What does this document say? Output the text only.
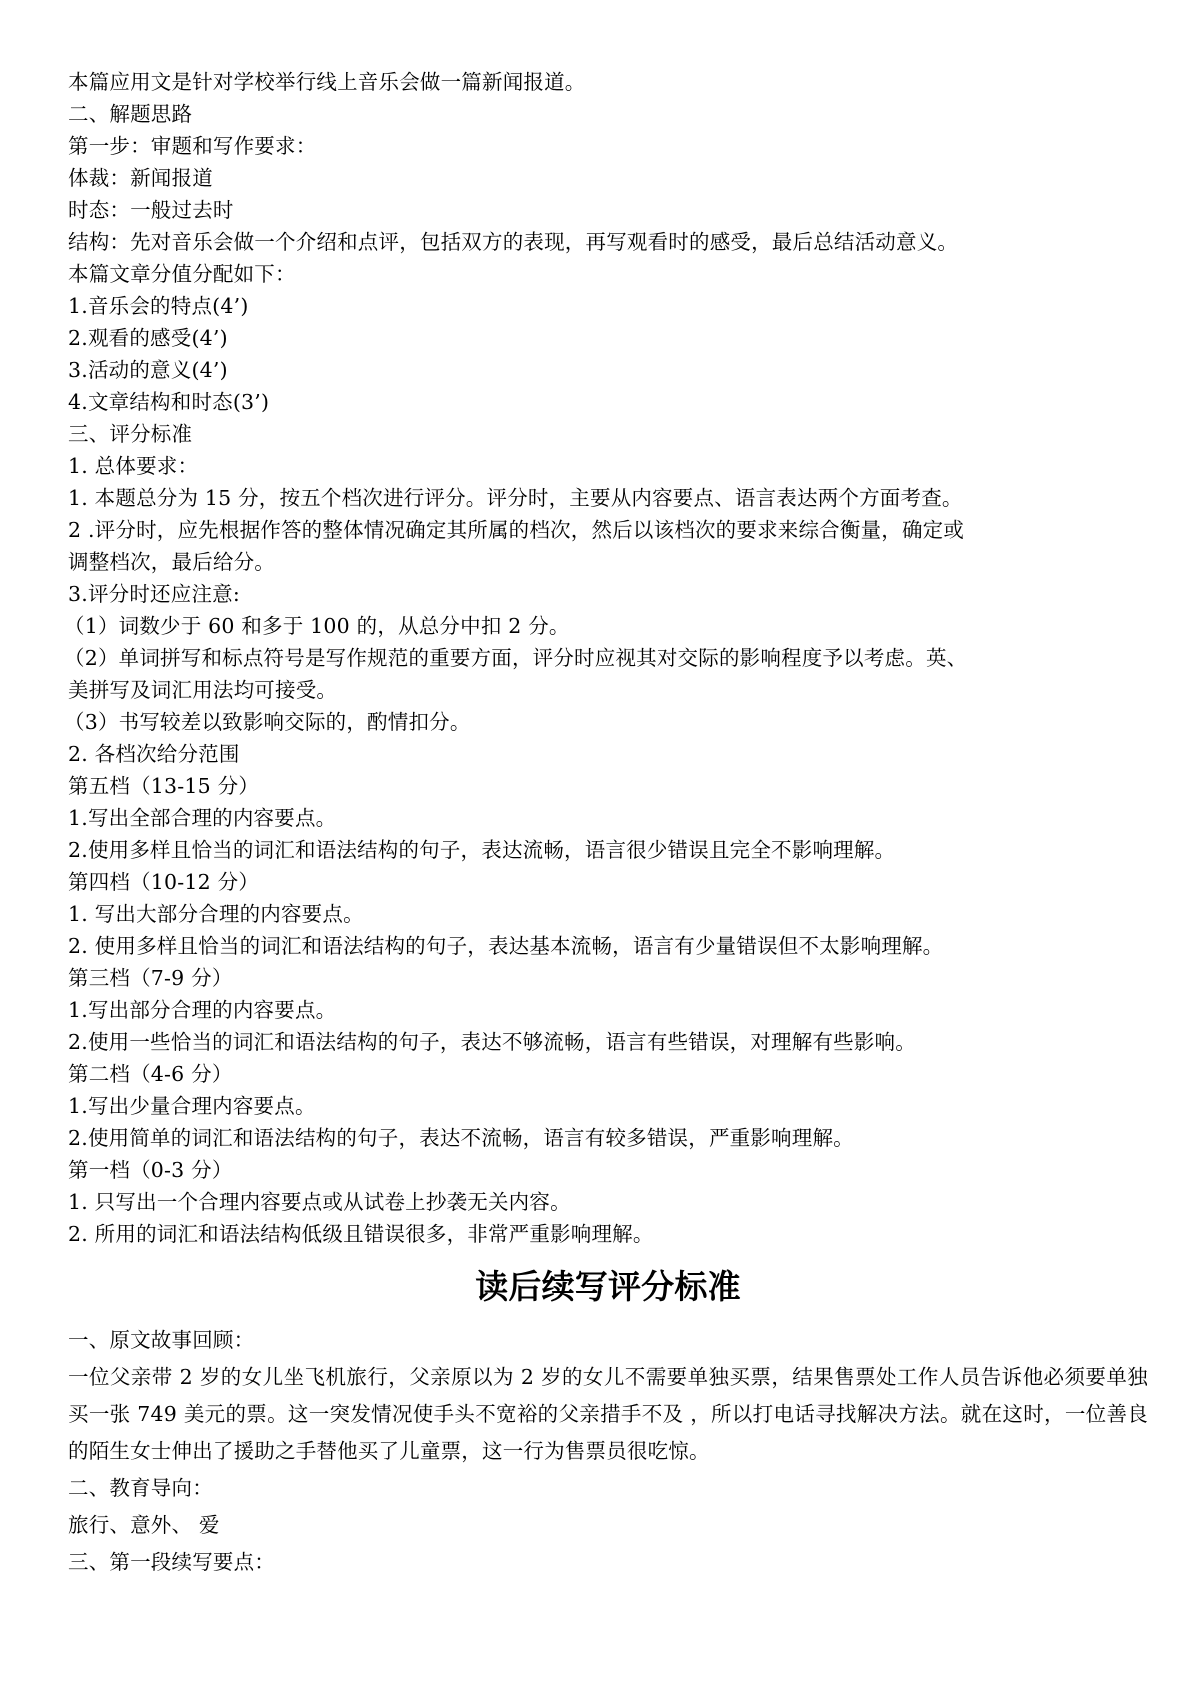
本篇应用文是针对学校举行线上音乐会做一篇新闻报道。
二、解题思路
第一步：审题和写作要求：
体裁：新闻报道
时态：一般过去时
结构：先对音乐会做一个介绍和点评，包括双方的表现，再写观看时的感受，最后总结活动意义。
本篇文章分值分配如下：
1.音乐会的特点(4’)
2.观看的感受(4’)
3.活动的意义(4’)
4.文章结构和时态(3’)
三、评分标准
1. 总体要求：
1. 本题总分为 15 分，按五个档次进行评分。评分时，主要从内容要点、语言表达两个方面考查。
2 .评分时，应先根据作答的整体情况确定其所属的档次，然后以该档次的要求来综合衡量，确定或
调整档次，最后给分。
3.评分时还应注意:
（1）词数少于 60 和多于 100 的，从总分中扣 2 分。
（2）单词拼写和标点符号是写作规范的重要方面，评分时应视其对交际的影响程度予以考虑。英、
美拼写及词汇用法均可接受。
（3）书写较差以致影响交际的，酌情扣分。
2. 各档次给分范围
第五档（13-15 分）
1.写出全部合理的内容要点。
2.使用多样且恰当的词汇和语法结构的句子，表达流畅，语言很少错误且完全不影响理解。
第四档（10-12 分）
1. 写出大部分合理的内容要点。
2. 使用多样且恰当的词汇和语法结构的句子，表达基本流畅，语言有少量错误但不太影响理解。
第三档（7-9 分）
1.写出部分合理的内容要点。
2.使用一些恰当的词汇和语法结构的句子，表达不够流畅，语言有些错误，对理解有些影响。
第二档（4-6 分）
1.写出少量合理内容要点。
2.使用简单的词汇和语法结构的句子，表达不流畅，语言有较多错误，严重影响理解。
第一档（0-3 分）
1. 只写出一个合理内容要点或从试卷上抄袭无关内容。
2. 所用的词汇和语法结构低级且错误很多，非常严重影响理解。
读后续写评分标准
一、原文故事回顾：

一位父亲带 2 岁的女儿坐飞机旅行，父亲原以为 2 岁的女儿不需要单独买票，结果售票处工作人员告诉他必须要单独买一张 749 美元的票。这一突发情况使手头不宽裕的父亲措手不及 ，所以打电话寻找解决方法。就在这时，一位善良的陌生女士伸出了援助之手替他买了儿童票，这一行为售票员很吃惊。

二、教育导向：
旅行、意外、 爱
三、第一段续写要点：
